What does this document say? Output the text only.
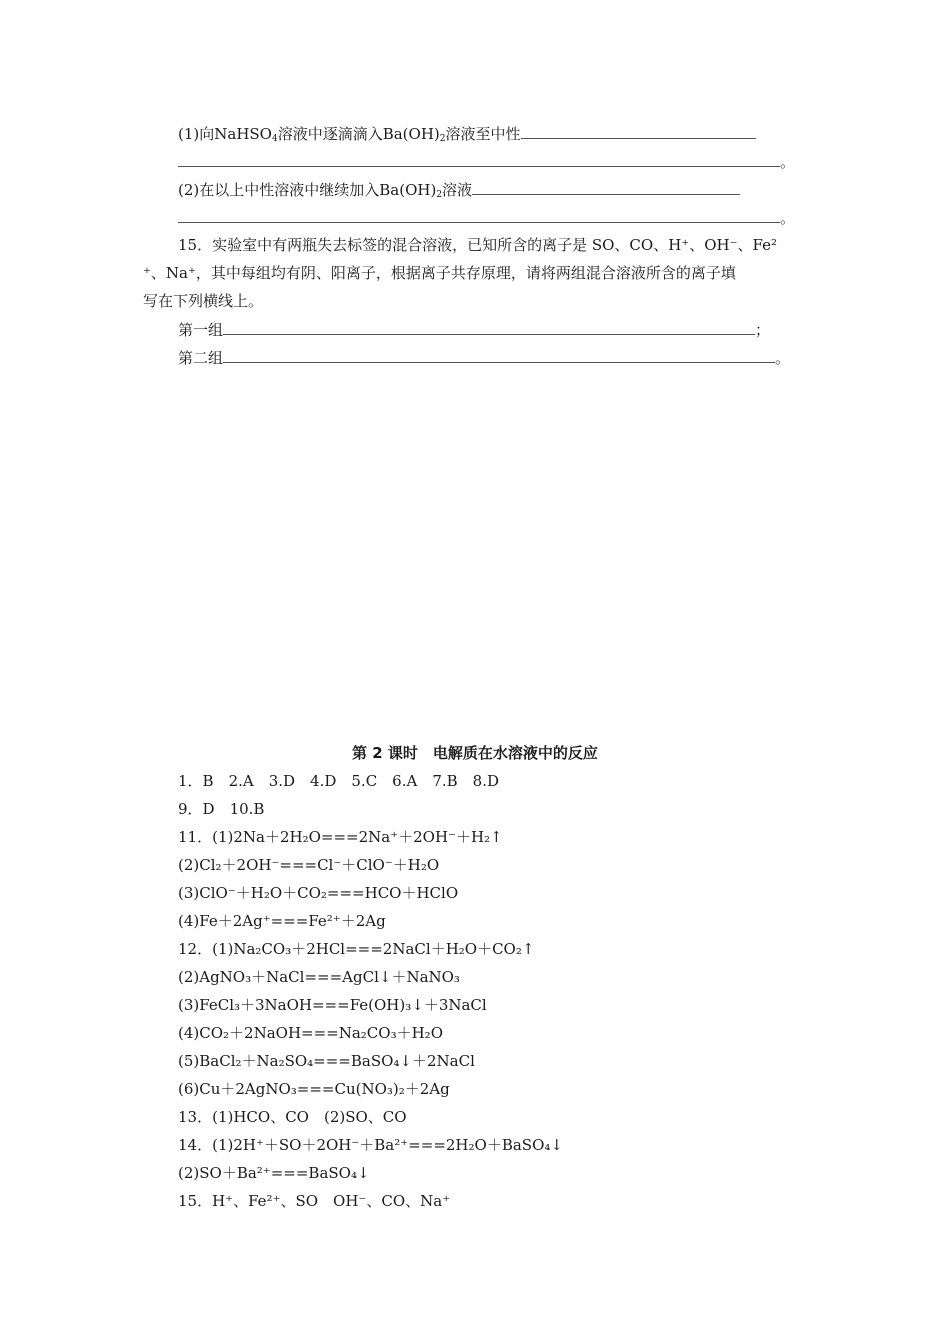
(1)向NaHSO$_4$溶液中逐滴滴入$Ba(OH)_2$溶液至中性
。
(2)在以上中性溶液中继续加入$Ba(OH)_2$溶液
。
15．实验室中有两瓶失去标签的混合溶液，已知所含的离子是 SO、CO、H⁺、OH⁻、Fe²
⁺、Na⁺，其中每组均有阴、阳离子，根据离子共存原理，请将两组混合溶液所含的离子填
写在下列横线上。
第一组	；
第二组	。
第 2 课时　电解质在水溶液中的反应
1．B　2.A　3.D　4.D　5.C　6.A　7.B　8.D
9．D　10.B
11．(1)2Na＋2H₂O===2Na⁺＋2OH⁻＋H₂↑
(2)Cl₂＋2OH⁻===Cl⁻＋ClO⁻＋H₂O
(3)ClO⁻＋H₂O＋CO₂===HCO＋HClO
(4)Fe＋2Ag⁺===Fe²⁺＋2Ag
12．(1)Na₂CO₃＋2HCl===2NaCl＋H₂O＋CO₂↑
(2)AgNO₃＋NaCl===AgCl↓＋NaNO₃
(3)FeCl₃＋3NaOH===Fe(OH)₃↓＋3NaCl
(4)CO₂＋2NaOH===Na₂CO₃＋H₂O
(5)BaCl₂＋Na₂SO₄===BaSO₄↓＋2NaCl
(6)Cu＋2AgNO₃===Cu(NO₃)₂＋2Ag
13．(1)HCO、CO　(2)SO、CO
14．(1)2H⁺＋SO＋2OH⁻＋Ba²⁺===2H₂O＋BaSO₄↓
(2)SO＋Ba²⁺===BaSO₄↓
15．H⁺、Fe²⁺、SO　OH⁻、CO、Na⁺
